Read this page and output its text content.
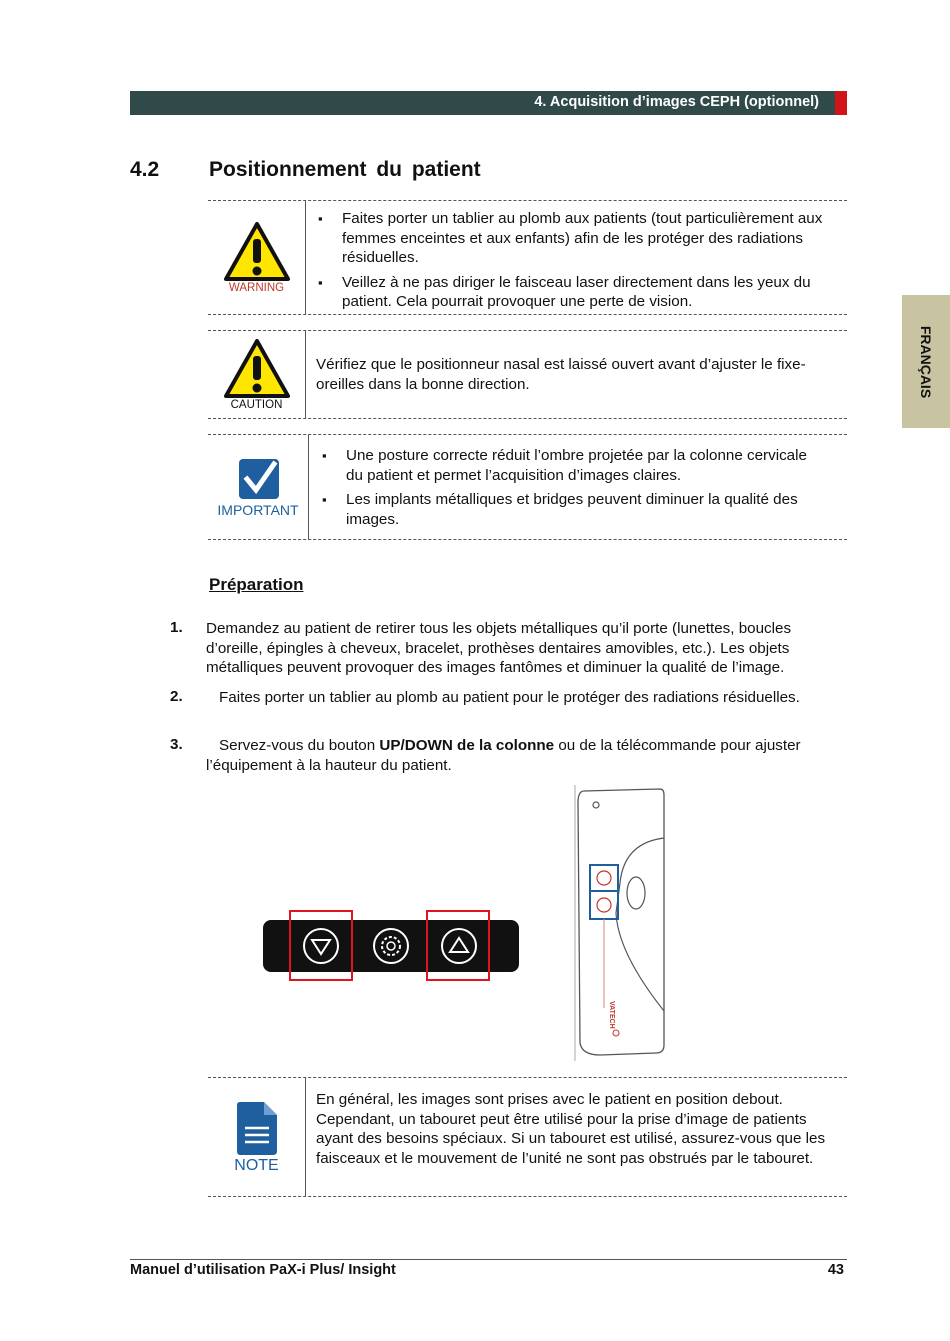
4. Acquisition d’images CEPH (optionnel)
FRANÇAIS
4.2 Positionnement du patient
WARNING
▪ Faites porter un tablier au plomb aux patients (tout particulièrement aux femmes enceintes et aux enfants) afin de les protéger des radiations résiduelles.
▪ Veillez à ne pas diriger le faisceau laser directement dans les yeux du patient. Cela pourrait provoquer une perte de vision.
CAUTION
Vérifiez que le positionneur nasal est laissé ouvert avant d’ajuster le fixe-oreilles dans la bonne direction.
IMPORTANT
▪ Une posture correcte réduit l’ombre projetée par la colonne cervicale du patient et permet l’acquisition d’images claires.
▪ Les implants métalliques et bridges peuvent diminuer la qualité des images.
Préparation
1. Demandez au patient de retirer tous les objets métalliques qu’il porte (lunettes, boucles d’oreille, épingles à cheveux, bracelet, prothèses dentaires amovibles, etc.). Les objets métalliques peuvent provoquer des images fantômes et diminuer la qualité de l’image.
2.	Faites porter un tablier au plomb au patient pour le protéger des radiations résiduelles.
3.	Servez-vous du bouton UP/DOWN de la colonne ou de la télécommande pour ajuster l’équipement à la hauteur du patient.
VATECH
NOTE
En général, les images sont prises avec le patient en position debout. Cependant, un tabouret peut être utilisé pour la prise d’image de patients ayant des besoins spéciaux. Si un tabouret est utilisé, assurez-vous que les faisceaux et le mouvement de l’unité ne sont pas obstrués par le tabouret.
Manuel d’utilisation PaX-i Plus/ Insight	43
